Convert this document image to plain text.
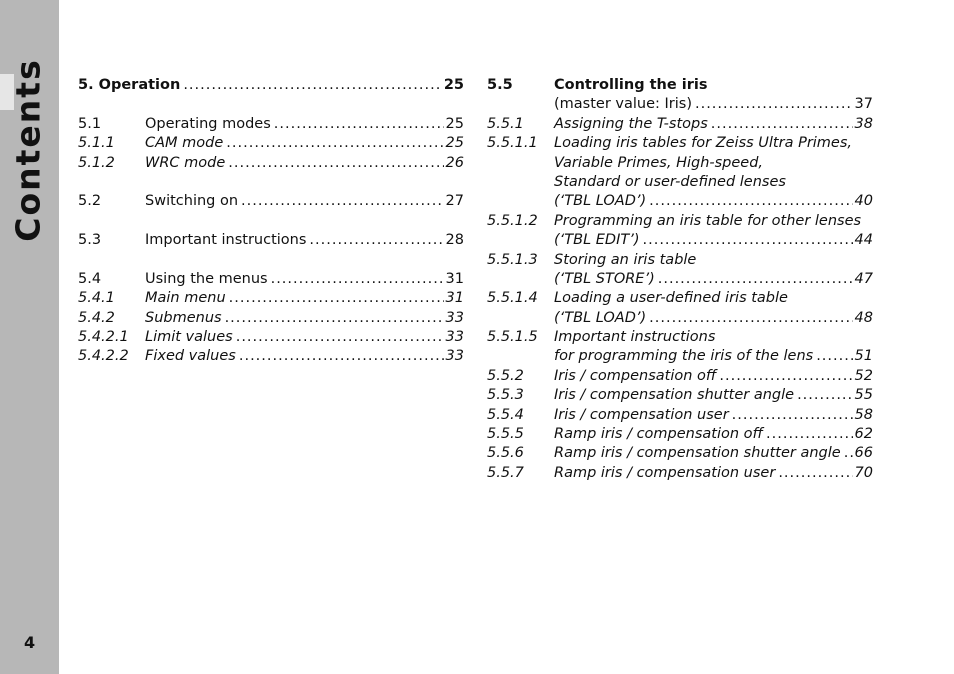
Contents
4
5. Operation .....	25
5.1	Operating modes .....	25
5.1.1	CAM mode .....	25
5.1.2	WRC mode .....	26
5.2	Switching on .....	27
5.3	Important instructions .....	28
5.4	Using the menus .....	31
5.4.1	Main menu .....	31
5.4.2	Submenus .....	33
5.4.2.1	Limit values .....	33
5.4.2.2	Fixed values .....	33
5.5	Controlling the iris
(master value: Iris) .....	37
5.5.1	Assigning the T-stops .....	38
5.5.1.1	Loading iris tables for Zeiss Ultra Primes,
Variable Primes, High-speed,
Standard or user-defined lenses
(‘TBL LOAD’) .....	40
5.5.1.2	Programming an iris table for other lenses
(‘TBL EDIT’) .....	44
5.5.1.3	Storing an iris table
(‘TBL STORE’) .....	47
5.5.1.4	Loading a user-defined iris table
(‘TBL LOAD’) .....	48
5.5.1.5	Important instructions
for programming the iris of the lens .....	51
5.5.2	Iris / compensation off .....	52
5.5.3	Iris / compensation shutter angle .....	55
5.5.4	Iris / compensation user .....	58
5.5.5	Ramp iris / compensation off .....	62
5.5.6	Ramp iris / compensation shutter angle ..... 66
5.5.7	Ramp iris / compensation user .....	70
